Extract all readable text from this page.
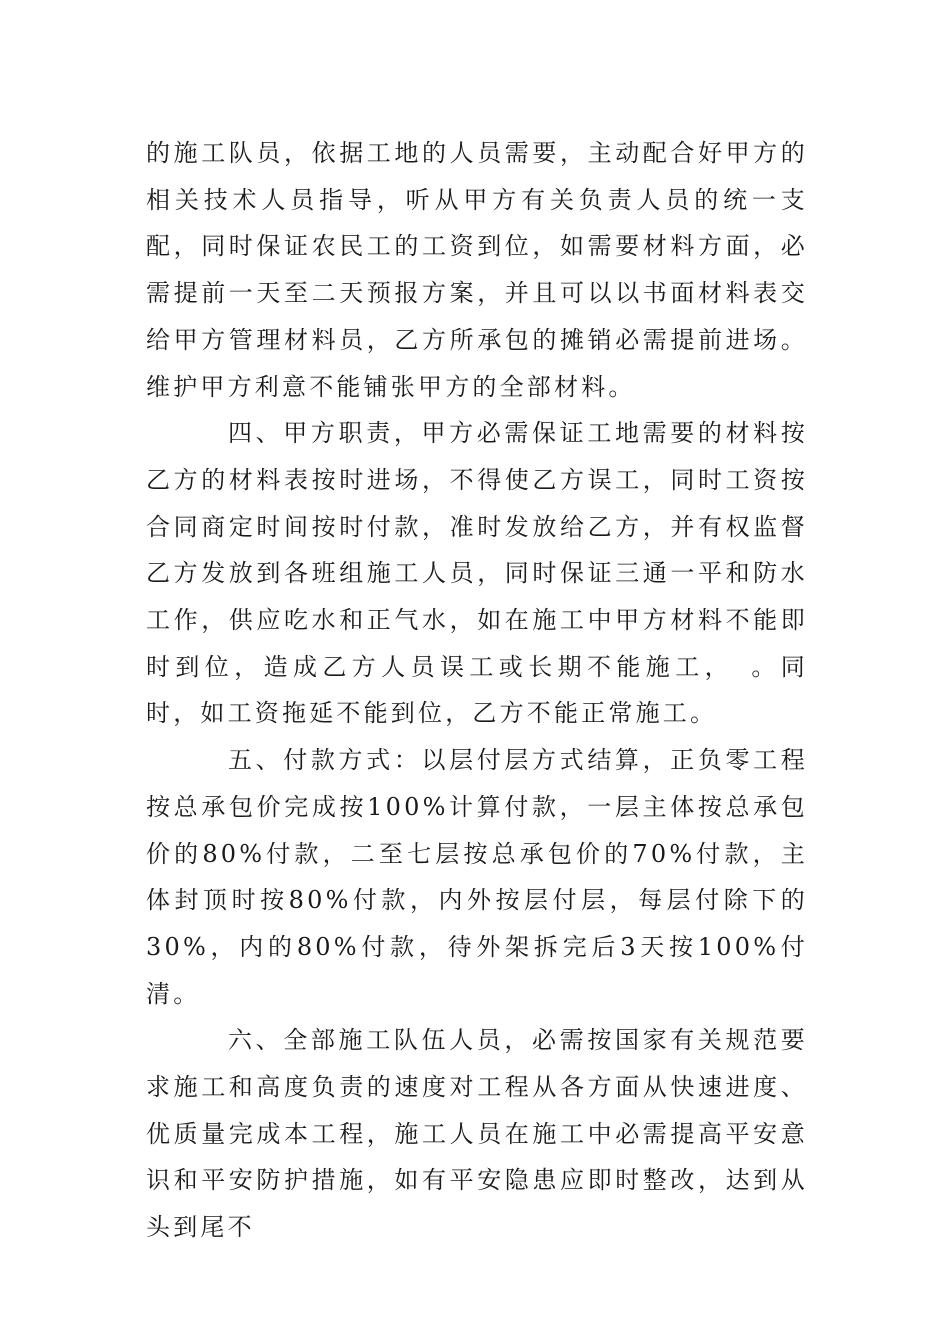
的施工队员，依据工地的人员需要，主动配合好甲方的相关技术人员指导，听从甲方有关负责人员的统一支配，同时保证农民工的工资到位，如需要材料方面，必需提前一天至二天预报方案，并且可以以书面材料表交给甲方管理材料员，乙方所承包的摊销必需提前进场。维护甲方利意不能铺张甲方的全部材料。

四、甲方职责，甲方必需保证工地需要的材料按乙方的材料表按时进场，不得使乙方误工，同时工资按合同商定时间按时付款，准时发放给乙方，并有权监督乙方发放到各班组施工人员，同时保证三通一平和防水工作，供应吃水和正气水，如在施工中甲方材料不能即时到位，造成乙方人员误工或长期不能施工，　。同时，如工资拖延不能到位，乙方不能正常施工。

五、付款方式：以层付层方式结算，正负零工程按总承包价完成按100%计算付款，一层主体按总承包价的80%付款，二至七层按总承包价的70%付款，主体封顶时按80%付款，内外按层付层，每层付除下的30%，内的80%付款，待外架拆完后3天按100%付清。

六、全部施工队伍人员，必需按国家有关规范要求施工和高度负责的速度对工程从各方面从快速进度、优质量完成本工程，施工人员在施工中必需提高平安意识和平安防护措施，如有平安隐患应即时整改，达到从头到尾不
